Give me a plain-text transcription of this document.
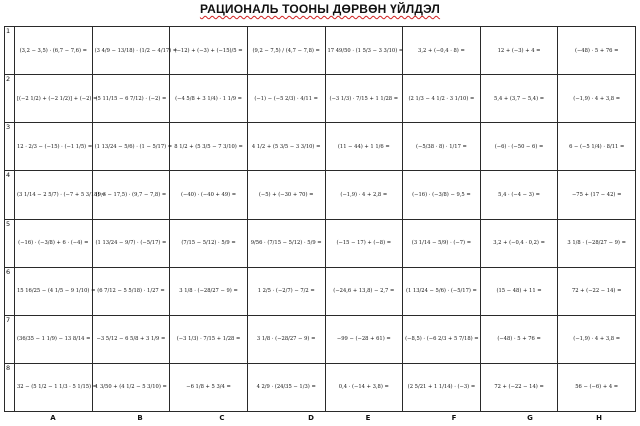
РАЦИОНАЛЬ ТООНЫ ДӨРВӨН ҮЙЛДЭЛ
1	(3,2 − 3,5) · (6,7 − 7,6) =	(3 4/9 − 13/18) · (1/2 − 4/17) =	(−12) + (−3) + (−15)/5 =	(9,2 − 7,5) / (4,7 − 7,8) =	17 49/50 · (1 5/3 − 3 3/10) =	3,2 + (−0,4 · 8) =	12 + (−3) + 4 =	(−48) · 5 + 76 =
2	[(−2 1/2) + (−2 1/2)] + (−2) =	(5 11/15 − 6 7/12) · (−2) =	(−4 5/8 + 3 1/4) · 1 1/9 =	(−1) − (−5 2/3) · 4/11 =	(−3 1/3) · 7/15 + 1 1/28 =	(2 1/3 − 4 1/2 · 3 1/10) =	5,4 + (3,7 − 5,4) =	(−1,9) · 4 + 3,8 =
3	12 · 2/3 − (−15) · (−1 1/5) =	(1 13/24 − 5/6) · (1 − 5/17) =	8 1/2 + (5 3/5 − 7 3/10) =	4 1/2 + (5 3/5 − 3 3/10) =	(11 − 44) + 1 1/6 =	(−5/38 · 8) · 1/17 =	(−6) · (−50 − 6) =	6 − (−5 1/4) · 8/11 =
4	(3 1/14 − 2 5/7) · (−7 + 5 3/18) =	(9,3 − 17,5) · (9,7 − 7,8) =	(−40) · (−40 + 49) =	(−5) + (−30 + 70) =	(−1,9) · 4 + 2,8 =	(−16) · (−3/8) − 9,5 =	5,4 · (−4 − 3) =	−75 + (17 − 42) =
5	(−16) · (−3/8) + 6 · (−4) =	(1 13/24 − 9/7) · (−5/17) =	(7/15 − 5/12) · 5/9 =	9/56 · (7/15 − 5/12) · 5/9 =	(−15 − 17) + (−8) =	(3 1/14 − 5/9) · (−7) =	3,2 + (−0,4 · 0,2) =	3 1/8 · (−28/27 − 9) =
6	15 16/25 − (4 1/5 − 9 1/10) =	(6 7/12 − 5 5/18) · 1/27 =	3 1/8 · (−28/27 − 9) =	1 2/5 · (−2/7) − 7/2 =	(−24,6 + 13,8) − 2,7 =	(1 13/24 − 5/6) · (−5/17) =	(15 − 48) + 11 =	72 + (−22 − 14) =
7	(36/35 − 1 1/9) − 13 8/14 =	−3 5/12 − 6 5/8 + 3 1/9 =	(−3 1/3) · 7/15 + 1/28 =	3 1/8 · (−28/27 − 9) =	−99 − (−28 + 61) =	(−8,5) · (−6 2/3 + 5 7/18) =	(−48) · 5 + 76 =	(−1,9) · 4 + 3,8 =
8	32 − (5 1/2 − 1 1/3 · 5 1/15) =	1 3/50 + (4 1/2 − 5 3/10) =	−6 1/8 + 5 3/4 =	4 2/9 · (24/35 − 1/3) =	0,4 · (−14 + 3,8) =	(2 5/21 + 1 1/14) · (−3) =	72 + (−22 − 14) =	56 − (−6) + 4 =
A	B	C	D	E	F	G	H
